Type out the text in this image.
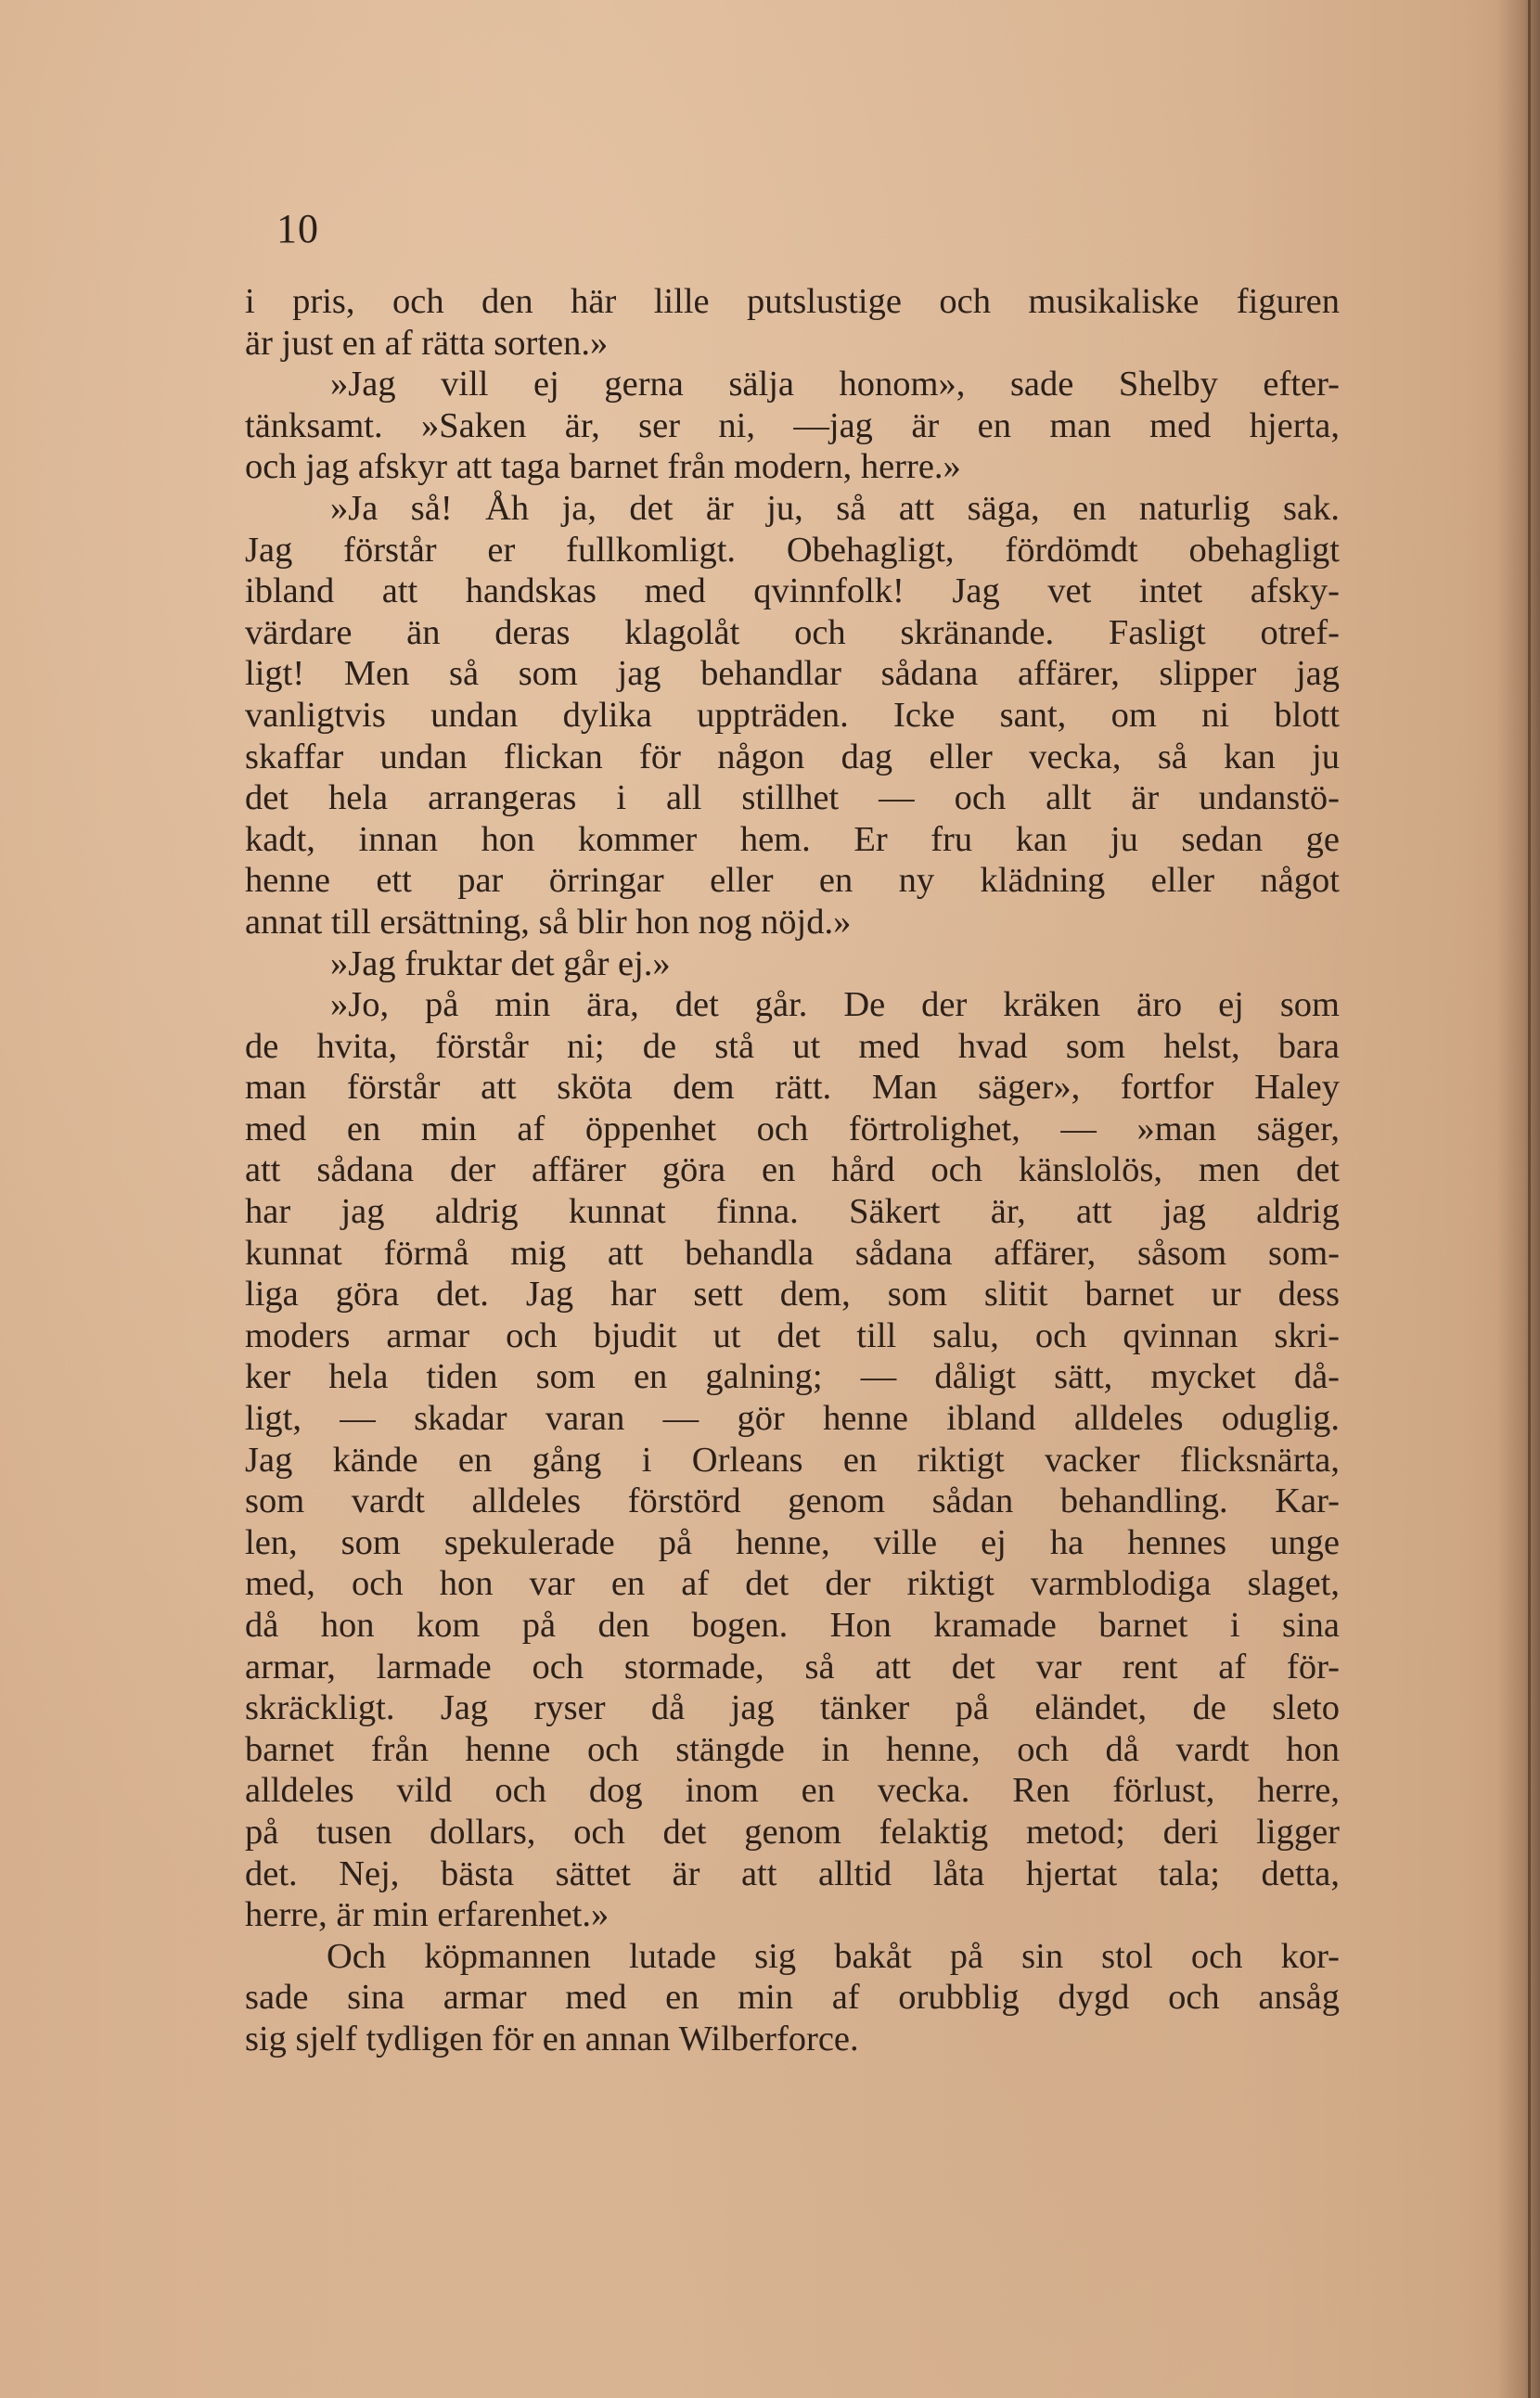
10
i pris, och den här lille putslustige och musikaliske figuren
är just en af rätta sorten.»
»Jag vill ej gerna sälja honom», sade Shelby efter-
tänksamt. »Saken är, ser ni, —jag är en man med hjerta,
och jag afskyr att taga barnet från modern, herre.»
»Ja så! Åh ja, det är ju, så att säga, en naturlig sak.
Jag förstår er fullkomligt. Obehagligt, fördömdt obehagligt
ibland att handskas med qvinnfolk! Jag vet intet afsky-
värdare än deras klagolåt och skränande. Fasligt otref-
ligt! Men så som jag behandlar sådana affärer, slipper jag
vanligtvis undan dylika uppträden. Icke sant, om ni blott
skaffar undan flickan för någon dag eller vecka, så kan ju
det hela arrangeras i all stillhet — och allt är undanstö-
kadt, innan hon kommer hem. Er fru kan ju sedan ge
henne ett par örringar eller en ny klädning eller något
annat till ersättning, så blir hon nog nöjd.»
»Jag fruktar det går ej.»
»Jo, på min ära, det går. De der kräken äro ej som
de hvita, förstår ni; de stå ut med hvad som helst, bara
man förstår att sköta dem rätt. Man säger», fortfor Haley
med en min af öppenhet och förtrolighet, — »man säger,
att sådana der affärer göra en hård och känslolös, men det
har jag aldrig kunnat finna. Säkert är, att jag aldrig
kunnat förmå mig att behandla sådana affärer, såsom som-
liga göra det. Jag har sett dem, som slitit barnet ur dess
moders armar och bjudit ut det till salu, och qvinnan skri-
ker hela tiden som en galning; — dåligt sätt, mycket då-
ligt, — skadar varan — gör henne ibland alldeles oduglig.
Jag kände en gång i Orleans en riktigt vacker flicksnärta,
som vardt alldeles förstörd genom sådan behandling. Kar-
len, som spekulerade på henne, ville ej ha hennes unge
med, och hon var en af det der riktigt varmblodiga slaget,
då hon kom på den bogen. Hon kramade barnet i sina
armar, larmade och stormade, så att det var rent af för-
skräckligt. Jag ryser då jag tänker på eländet, de sleto
barnet från henne och stängde in henne, och då vardt hon
alldeles vild och dog inom en vecka. Ren förlust, herre,
på tusen dollars, och det genom felaktig metod; deri ligger
det. Nej, bästa sättet är att alltid låta hjertat tala; detta,
herre, är min erfarenhet.»
Och köpmannen lutade sig bakåt på sin stol och kor-
sade sina armar med en min af orubblig dygd och ansåg
sig sjelf tydligen för en annan Wilberforce.
